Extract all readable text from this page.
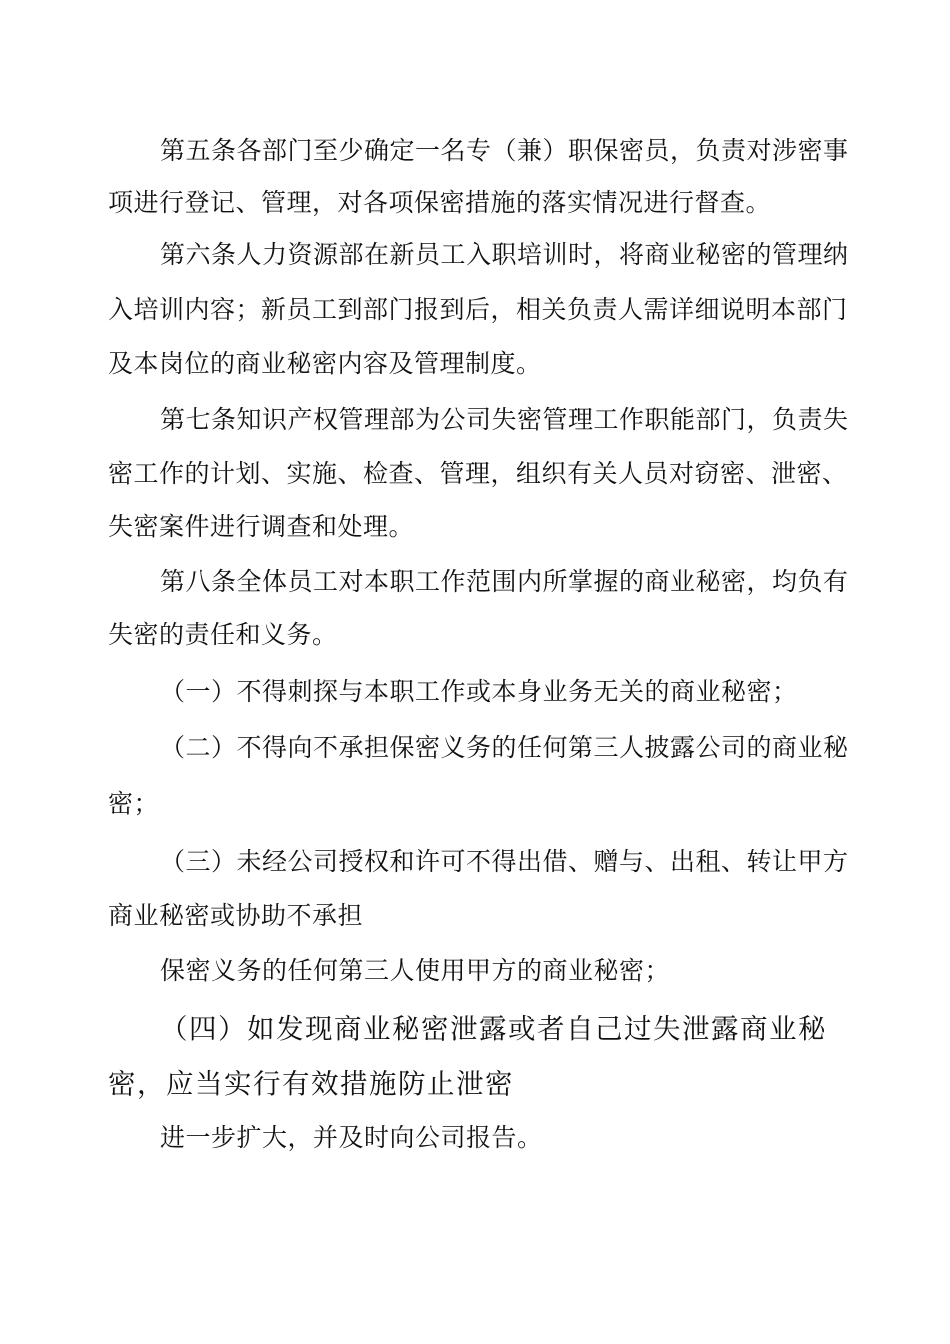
第五条各部门至少确定一名专（兼）职保密员，负责对涉密事
项进行登记、管理，对各项保密措施的落实情况进行督查。
第六条人力资源部在新员工入职培训时，将商业秘密的管理纳
入培训内容；新员工到部门报到后，相关负责人需详细说明本部门
及本岗位的商业秘密内容及管理制度。
第七条知识产权管理部为公司失密管理工作职能部门，负责失
密工作的计划、实施、检查、管理，组织有关人员对窃密、泄密、
失密案件进行调查和处理。
第八条全体员工对本职工作范围内所掌握的商业秘密，均负有
失密的责任和义务。
（一）不得刺探与本职工作或本身业务无关的商业秘密；
（二）不得向不承担保密义务的任何第三人披露公司的商业秘
密；
（三）未经公司授权和许可不得出借、赠与、出租、转让甲方
商业秘密或协助不承担
保密义务的任何第三人使用甲方的商业秘密；
（四）如发现商业秘密泄露或者自己过失泄露商业秘
密，应当实行有效措施防止泄密
进一步扩大，并及时向公司报告。
